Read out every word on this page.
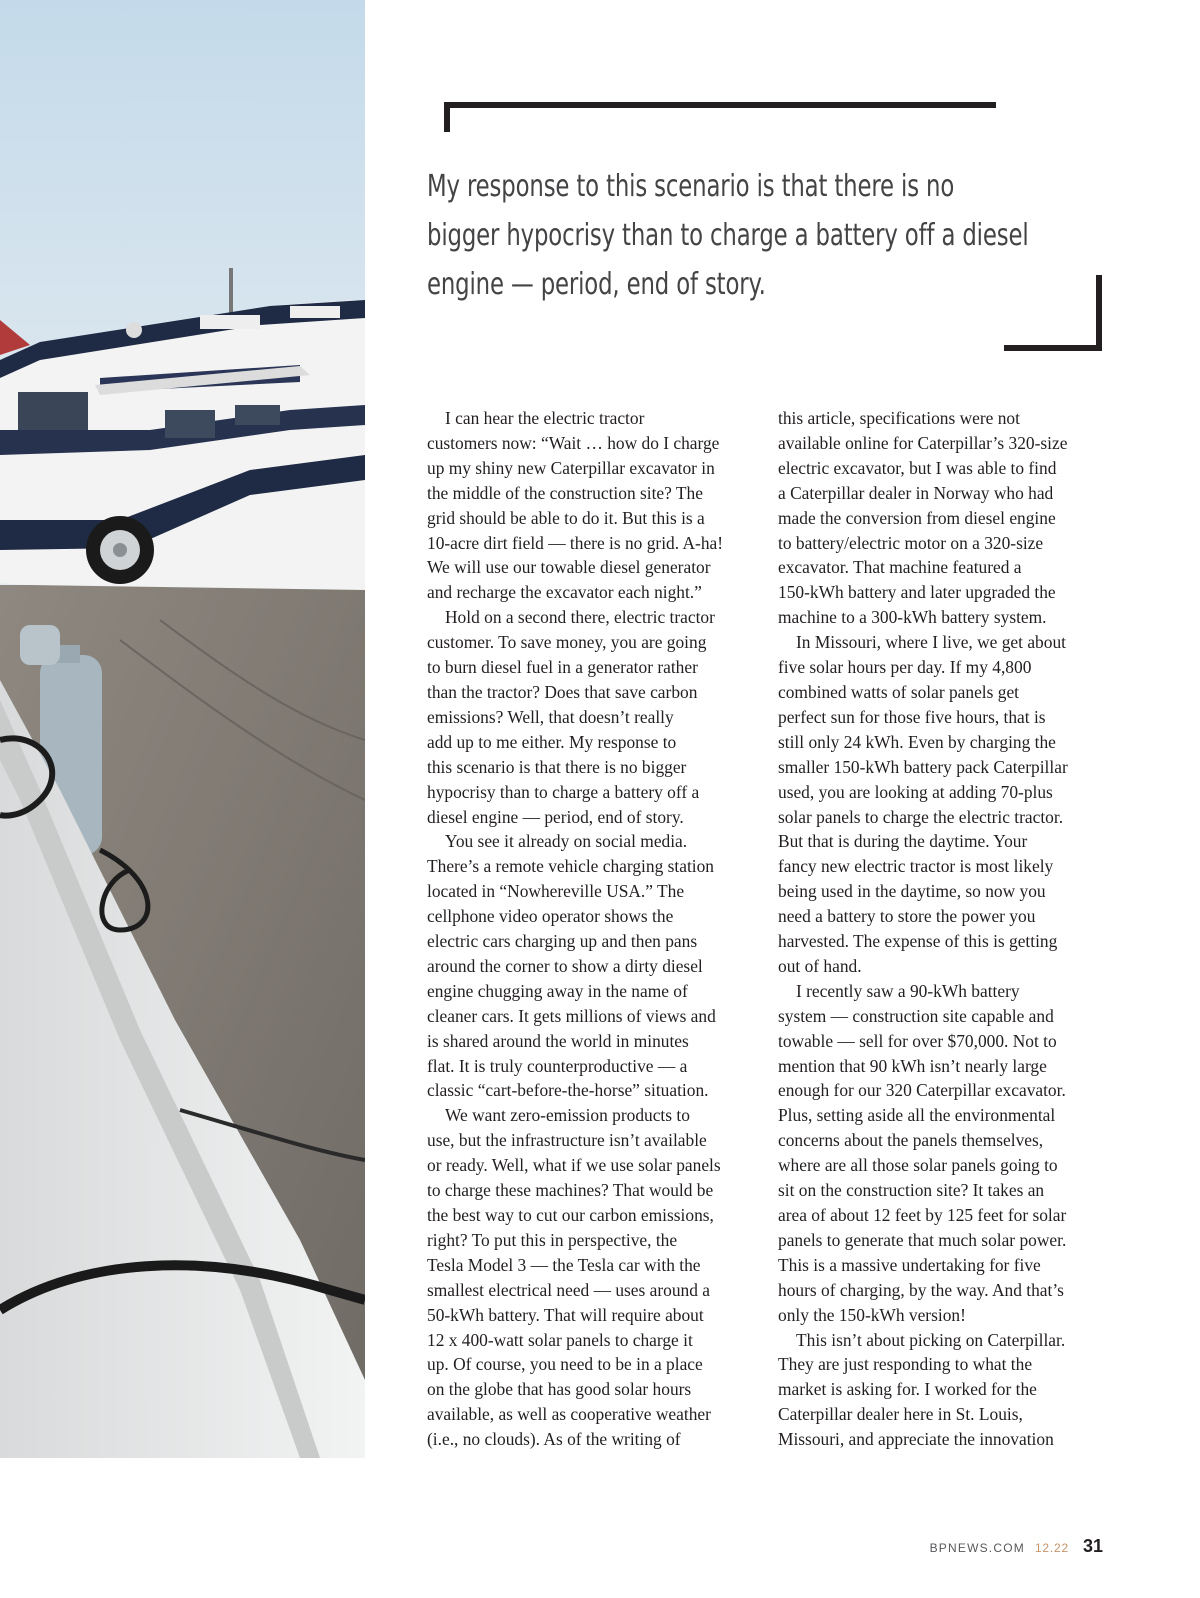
My response to this scenario is that there is no
bigger hypocrisy than to charge a battery off a diesel
engine — period, end of story.

I can hear the electric tractor
customers now: “Wait … how do I charge
up my shiny new Caterpillar excavator in
the middle of the construction site? The
grid should be able to do it. But this is a
10-acre dirt field — there is no grid. A-ha!
We will use our towable diesel generator
and recharge the excavator each night.”

Hold on a second there, electric tractor
customer. To save money, you are going
to burn diesel fuel in a generator rather
than the tractor? Does that save carbon
emissions? Well, that doesn’t really
add up to me either. My response to
this scenario is that there is no bigger
hypocrisy than to charge a battery off a
diesel engine — period, end of story.

You see it already on social media.
There’s a remote vehicle charging station
located in “Nowhereville USA.” The
cellphone video operator shows the
electric cars charging up and then pans
around the corner to show a dirty diesel
engine chugging away in the name of
cleaner cars. It gets millions of views and
is shared around the world in minutes
flat. It is truly counterproductive — a
classic “cart-before-the-horse” situation.

We want zero-emission products to
use, but the infrastructure isn’t available
or ready. Well, what if we use solar panels
to charge these machines? That would be
the best way to cut our carbon emissions,
right? To put this in perspective, the
Tesla Model 3 — the Tesla car with the
smallest electrical need — uses around a
50-kWh battery. That will require about
12 x 400-watt solar panels to charge it
up. Of course, you need to be in a place
on the globe that has good solar hours
available, as well as cooperative weather
(i.e., no clouds). As of the writing of

this article, specifications were not
available online for Caterpillar’s 320-size
electric excavator, but I was able to find
a Caterpillar dealer in Norway who had
made the conversion from diesel engine
to battery/electric motor on a 320-size
excavator. That machine featured a
150-kWh battery and later upgraded the
machine to a 300-kWh battery system.

In Missouri, where I live, we get about
five solar hours per day. If my 4,800
combined watts of solar panels get
perfect sun for those five hours, that is
still only 24 kWh. Even by charging the
smaller 150-kWh battery pack Caterpillar
used, you are looking at adding 70-plus
solar panels to charge the electric tractor.
But that is during the daytime. Your
fancy new electric tractor is most likely
being used in the daytime, so now you
need a battery to store the power you
harvested. The expense of this is getting
out of hand.

I recently saw a 90-kWh battery
system — construction site capable and
towable — sell for over $70,000. Not to
mention that 90 kWh isn’t nearly large
enough for our 320 Caterpillar excavator.
Plus, setting aside all the environmental
concerns about the panels themselves,
where are all those solar panels going to
sit on the construction site? It takes an
area of about 12 feet by 125 feet for solar
panels to generate that much solar power.
This is a massive undertaking for five
hours of charging, by the way. And that’s
only the 150-kWh version!

This isn’t about picking on Caterpillar.
They are just responding to what the
market is asking for. I worked for the
Caterpillar dealer here in St. Louis,
Missouri, and appreciate the innovation

BPNEWS.COM 12.22 31
